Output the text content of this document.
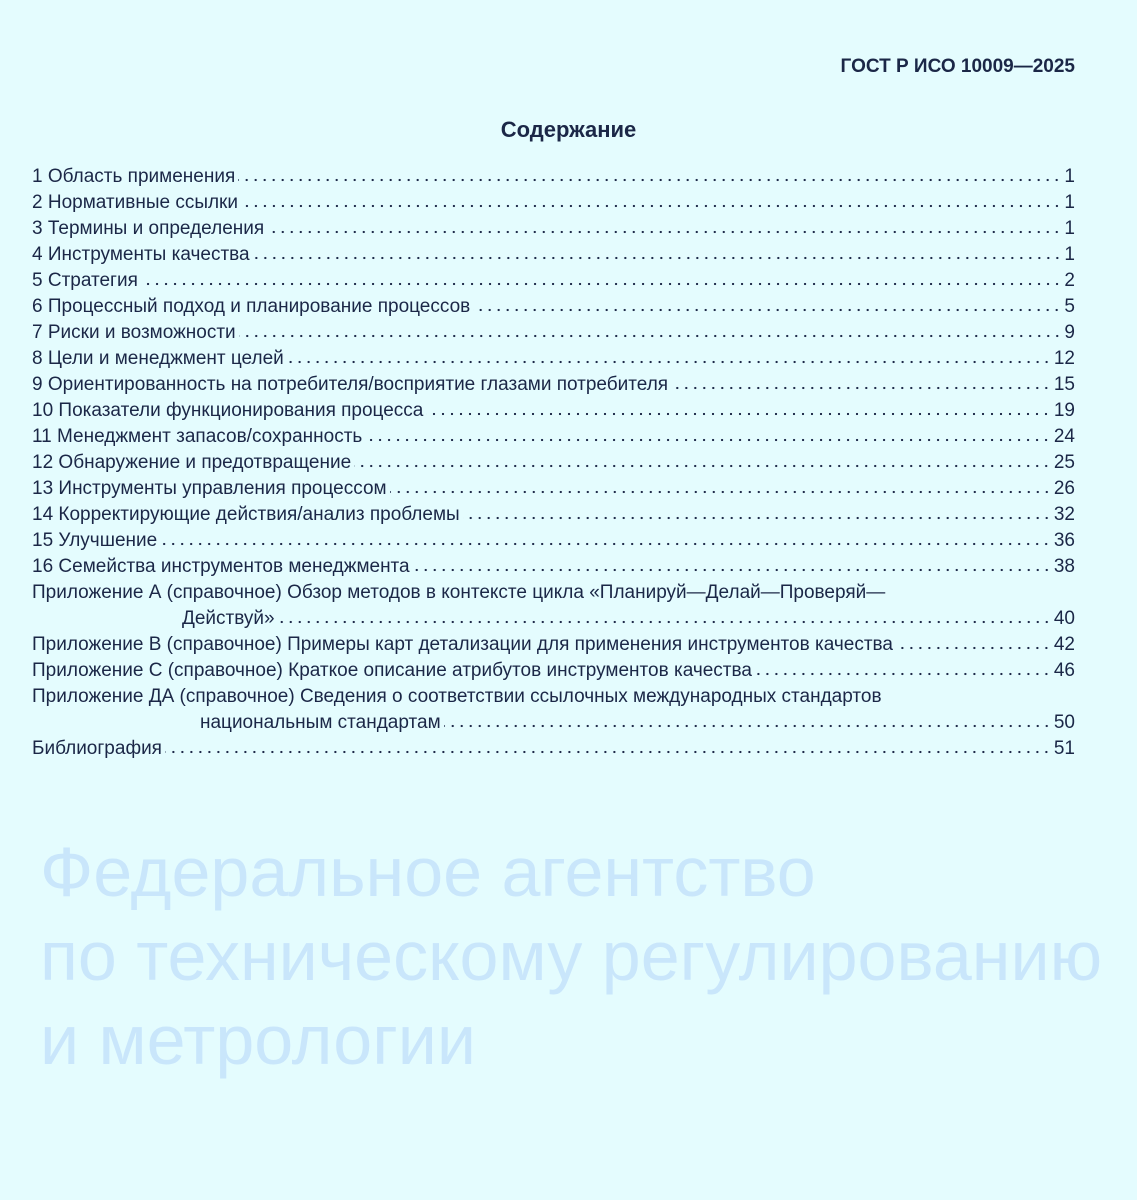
Федеральное агентство
по техническому регулированию
и метрологии
ГОСТ Р ИСО 10009—2025
Содержание
1 Область применения	1
2 Нормативные ссылки	1
3 Термины и определения	1
4 Инструменты качества	1
5 Стратегия	2
6 Процессный подход и планирование процессов	5
7 Риски и возможности	9
8 Цели и менеджмент целей	12
9 Ориентированность на потребителя/восприятие глазами потребителя	15
10 Показатели функционирования процесса	19
11 Менеджмент запасов/сохранность	24
12 Обнаружение и предотвращение	25
13 Инструменты управления процессом	26
14 Корректирующие действия/анализ проблемы	32
15 Улучшение	36
16 Семейства инструментов менеджмента	38
Приложение А (справочное) Обзор методов в контексте цикла «Планируй—Делай—Проверяй—
Действуй»	40
Приложение В (справочное) Примеры карт детализации для применения инструментов качества	42
Приложение С (справочное) Краткое описание атрибутов инструментов качества	46
Приложение ДА (справочное) Сведения о соответствии ссылочных международных стандартов
национальным стандартам	50
Библиография	51
